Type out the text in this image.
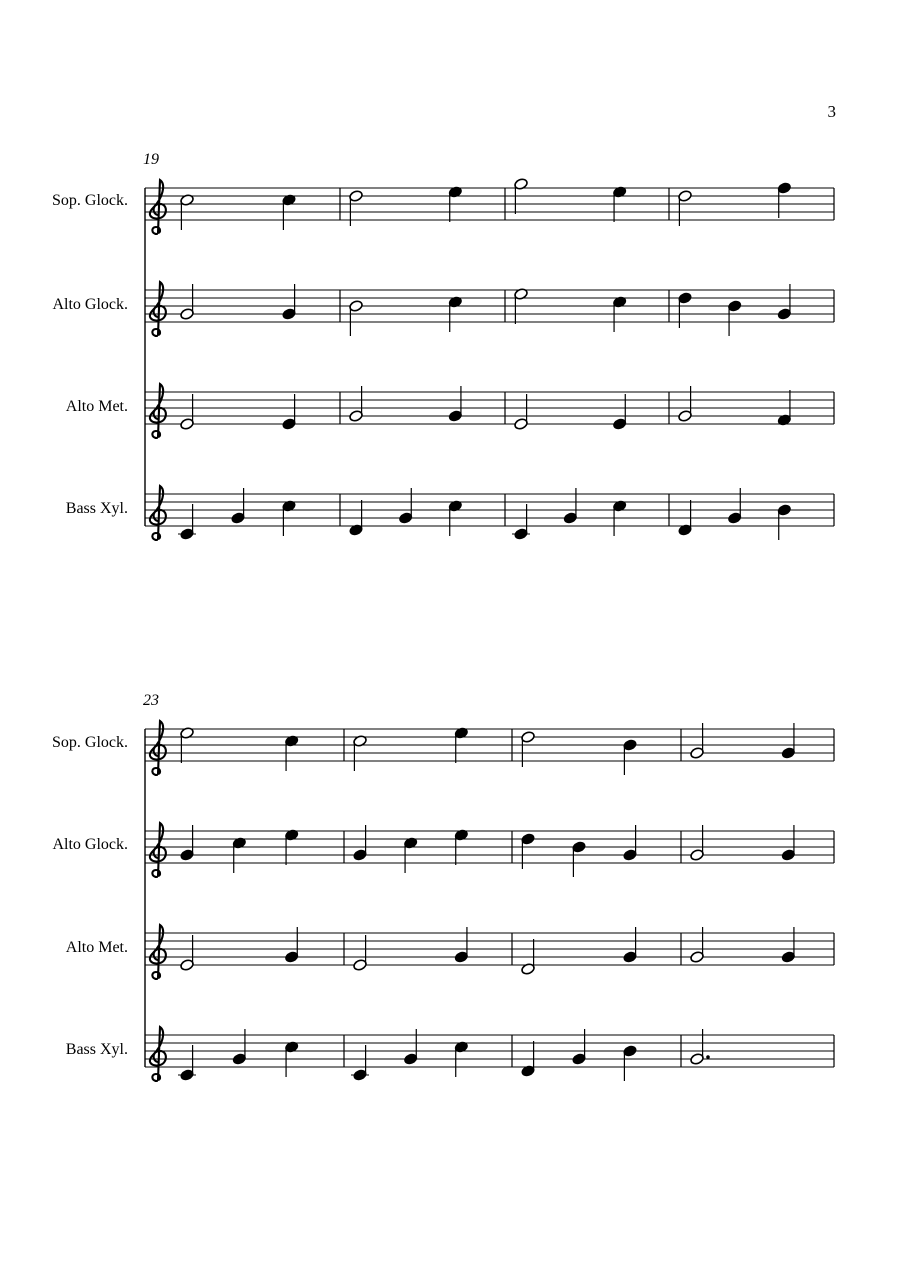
3
19
23
Sop. Glock.
Alto Glock.
Alto Met.
Bass Xyl.
Sop. Glock.
Alto Glock.
Alto Met.
Bass Xyl.
